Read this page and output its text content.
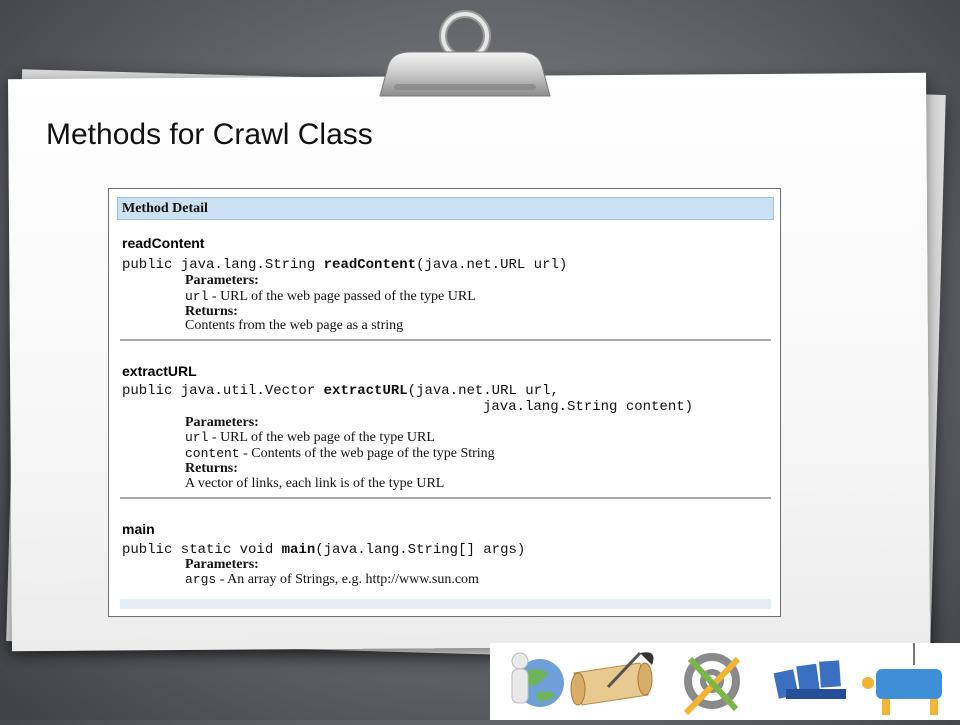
Methods for Crawl Class
Method Detail
readContent
public java.lang.String readContent(java.net.URL url)
Parameters:
url - URL of the web page passed of the type URL
Returns:
Contents from the web page as a string
extractURL
public java.util.Vector extractURL(java.net.URL url,
java.lang.String content)
Parameters:
url - URL of the web page of the type URL
content - Contents of the web page of the type String
Returns:
A vector of links, each link is of the type URL
main
public static void main(java.lang.String[] args)
Parameters:
args - An array of Strings, e.g. http://www.sun.com
